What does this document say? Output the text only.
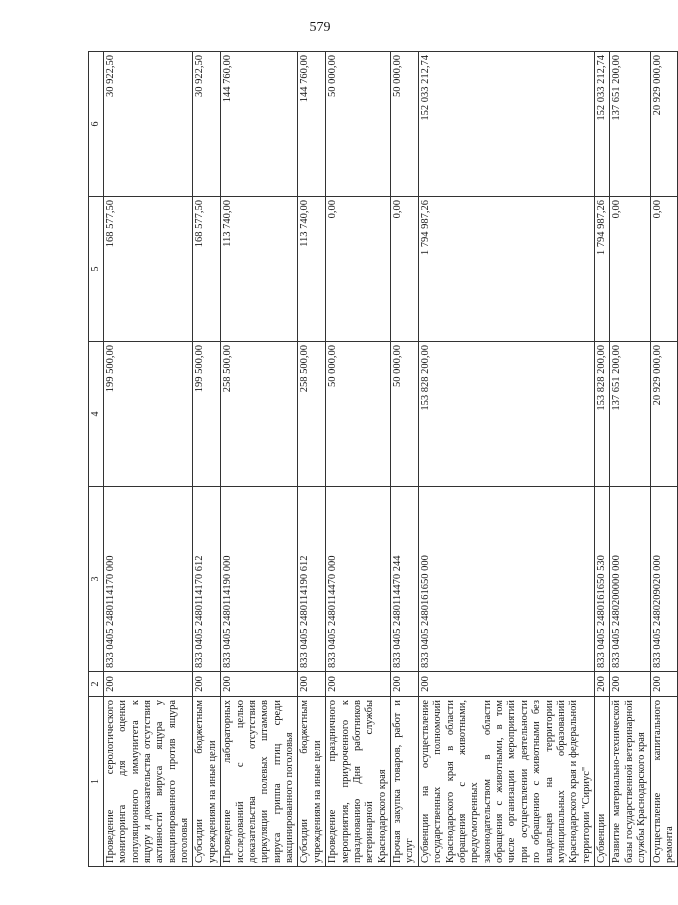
579
1	2	3	4	5	6
Проведение серологического мониторинга для оценки популяционного иммунитета к ящуру и доказательства отсутствия активности вируса ящура у вакцинированного против ящура поголовья	200	833 0405 2480114170 000	199 500,00	168 577,50	30 922,50
Субсидии бюджетным учреждениям на иные цели	200	833 0405 2480114170 612	199 500,00	168 577,50	30 922,50
Проведение лабораторных исследований с целью доказательства отсутствия циркуляции полевых штаммов вируса гриппа птиц среди вакцинированного поголовья	200	833 0405 2480114190 000	258 500,00	113 740,00	144 760,00
Субсидии бюджетным учреждениям на иные цели	200	833 0405 2480114190 612	258 500,00	113 740,00	144 760,00
Проведение праздничного мероприятия, приуроченного к празднованию Дня работников ветеринарной службы Краснодарского края	200	833 0405 2480114470 000	50 000,00	0,00	50 000,00
Прочая закупка товаров, работ и услуг	200	833 0405 2480114470 244	50 000,00	0,00	50 000,00
Субвенции на осуществление государственных полномочий Краснодарского края в области обращения с животными, предусмотренных законодательством в области обращения с животными, в том числе организации мероприятий при осуществлении деятельности по обращению с животными без владельцев на территории муниципальных образований Краснодарского края и федеральной территории "Сириус"	200	833 0405 2480161650 000	153 828 200,00	1 794 987,26	152 033 212,74
Субвенции	200	833 0405 2480161650 530	153 828 200,00	1 794 987,26	152 033 212,74
Развитие материально-технической базы государственной ветеринарной службы Краснодарского края	200	833 0405 2480200000 000	137 651 200,00	0,00	137 651 200,00
Осуществление капитального ремонта	200	833 0405 2480209020 000	20 929 000,00	0,00	20 929 000,00
